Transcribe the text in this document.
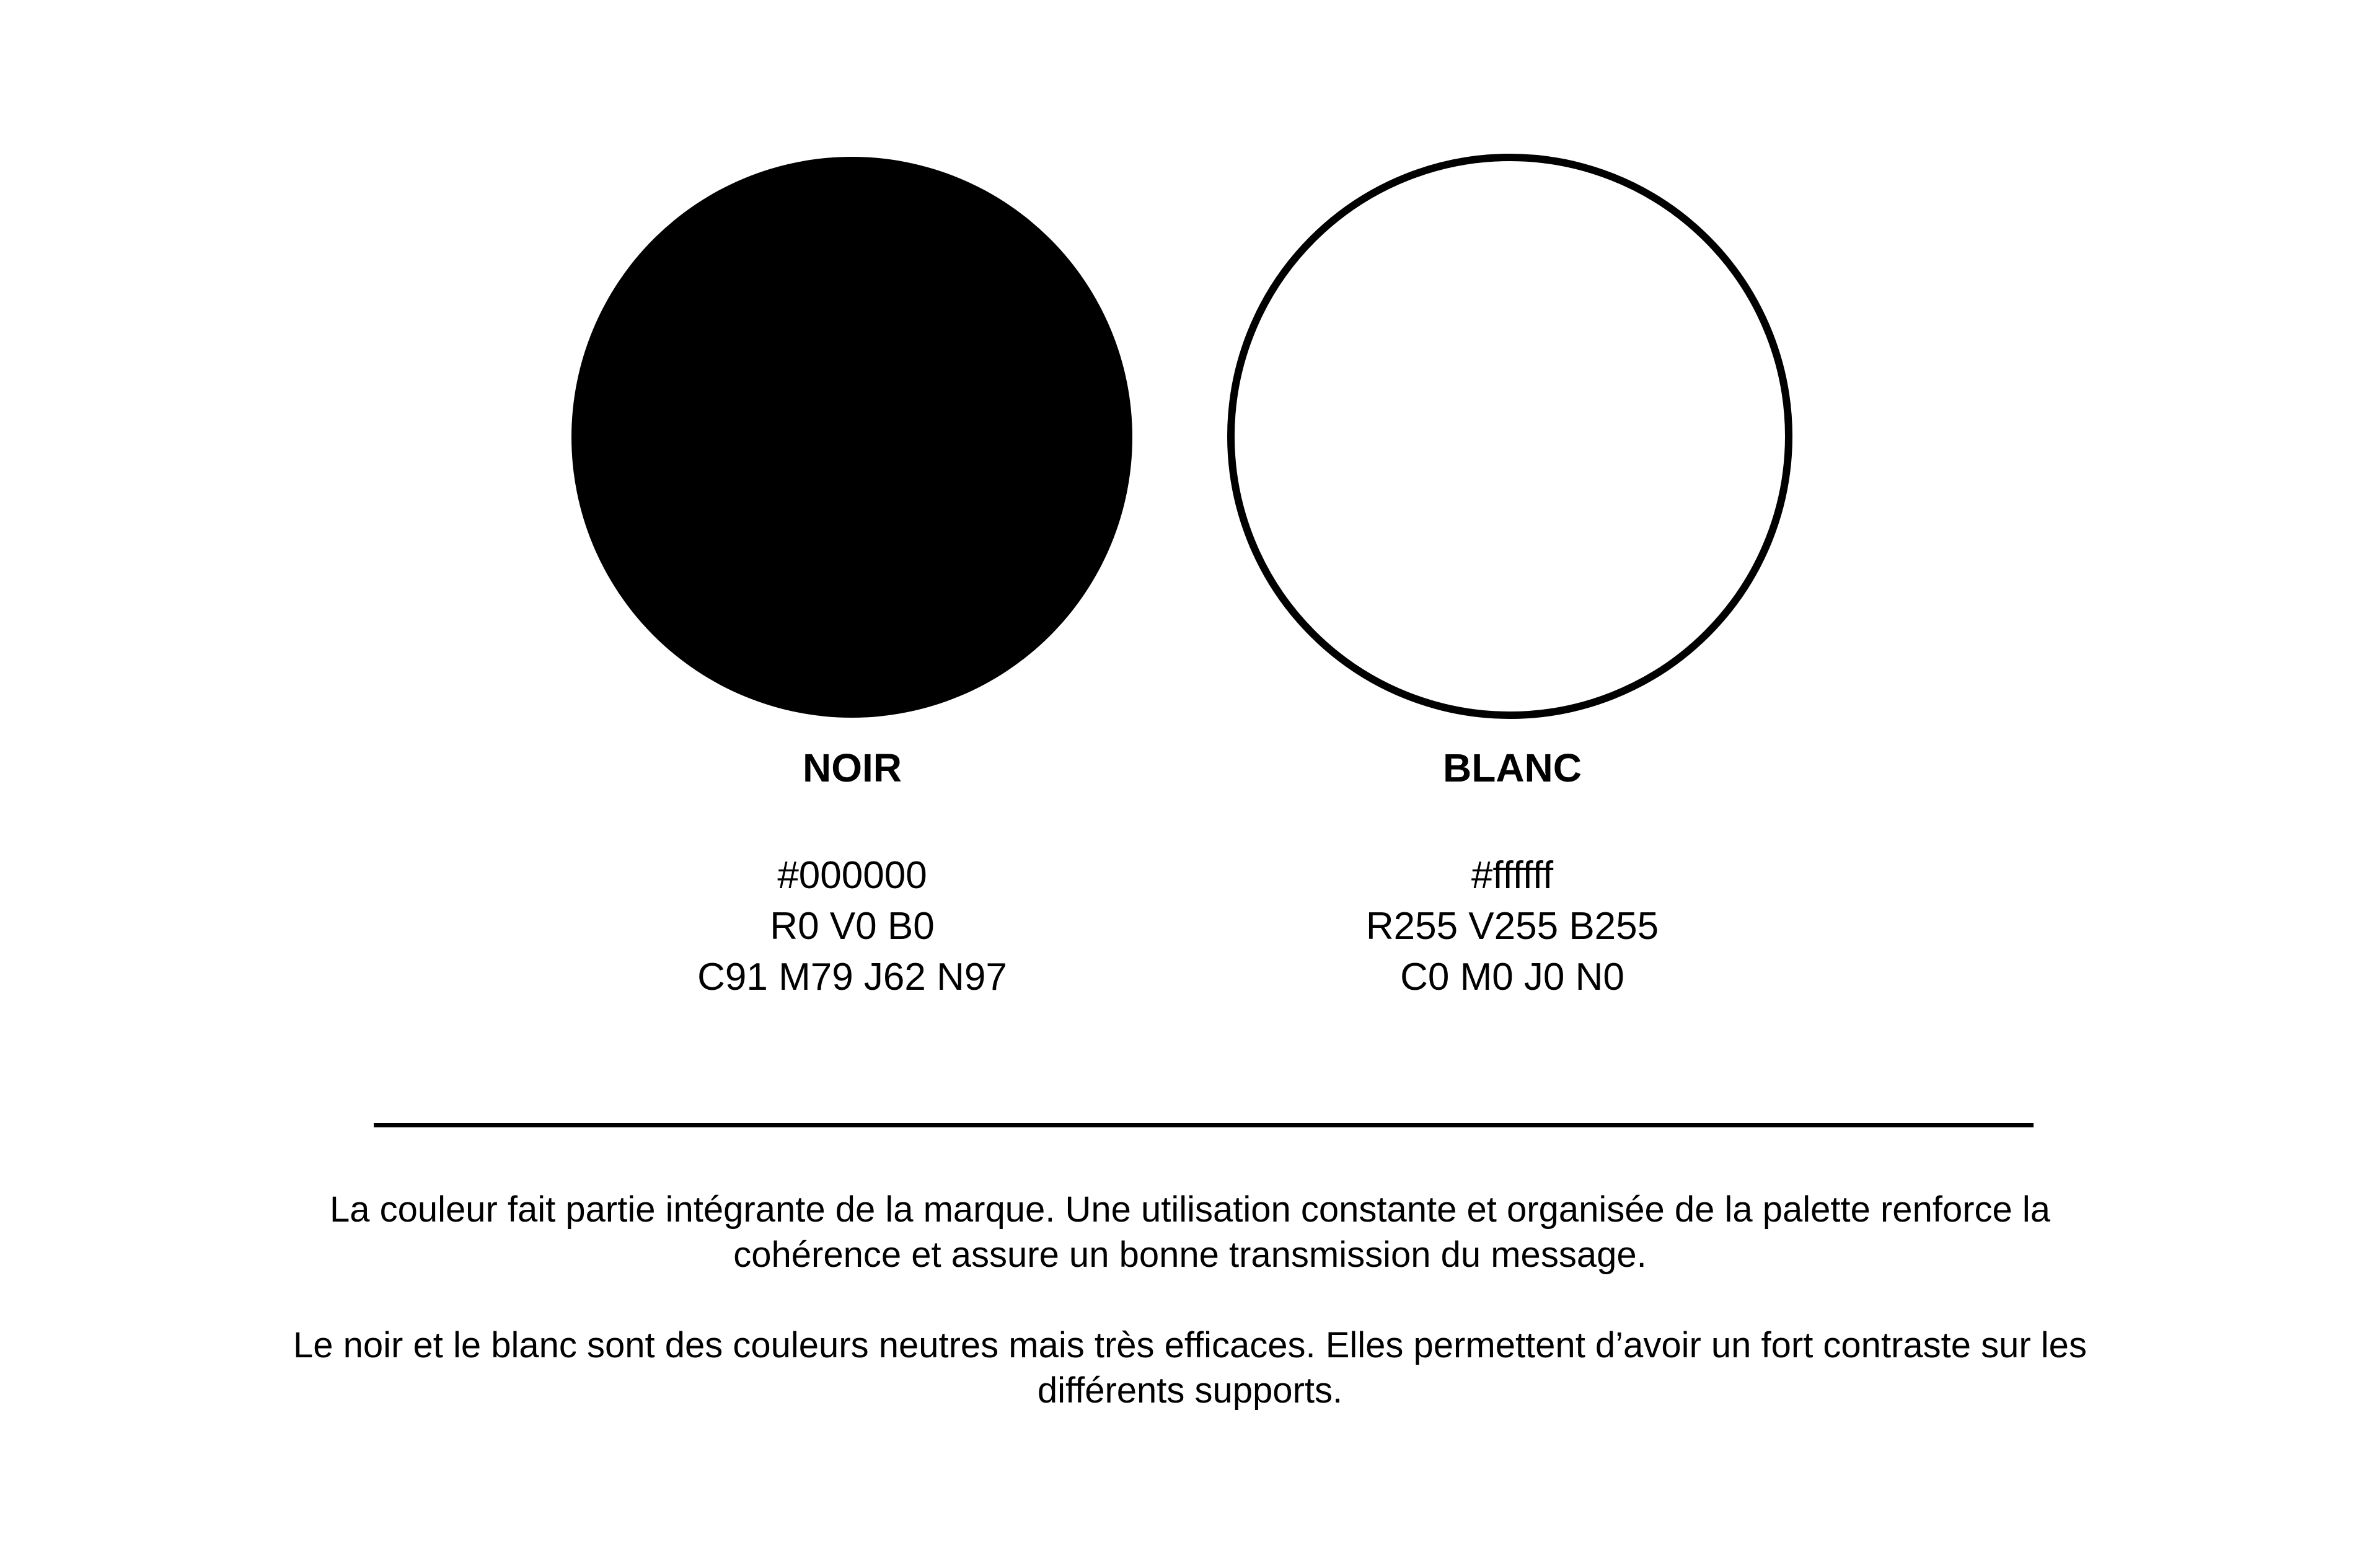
NOIR
#000000
R0 V0 B0
C91 M79 J62 N97
BLANC
#ffffff
R255 V255 B255
C0 M0 J0 N0

La couleur fait partie intégrante de la marque. Une utilisation constante et organisée de la palette renforce la cohérence et assure un bonne transmission du message.

Le noir et le blanc sont des couleurs neutres mais très efficaces. Elles permettent d’avoir un fort contraste sur les différents supports.
